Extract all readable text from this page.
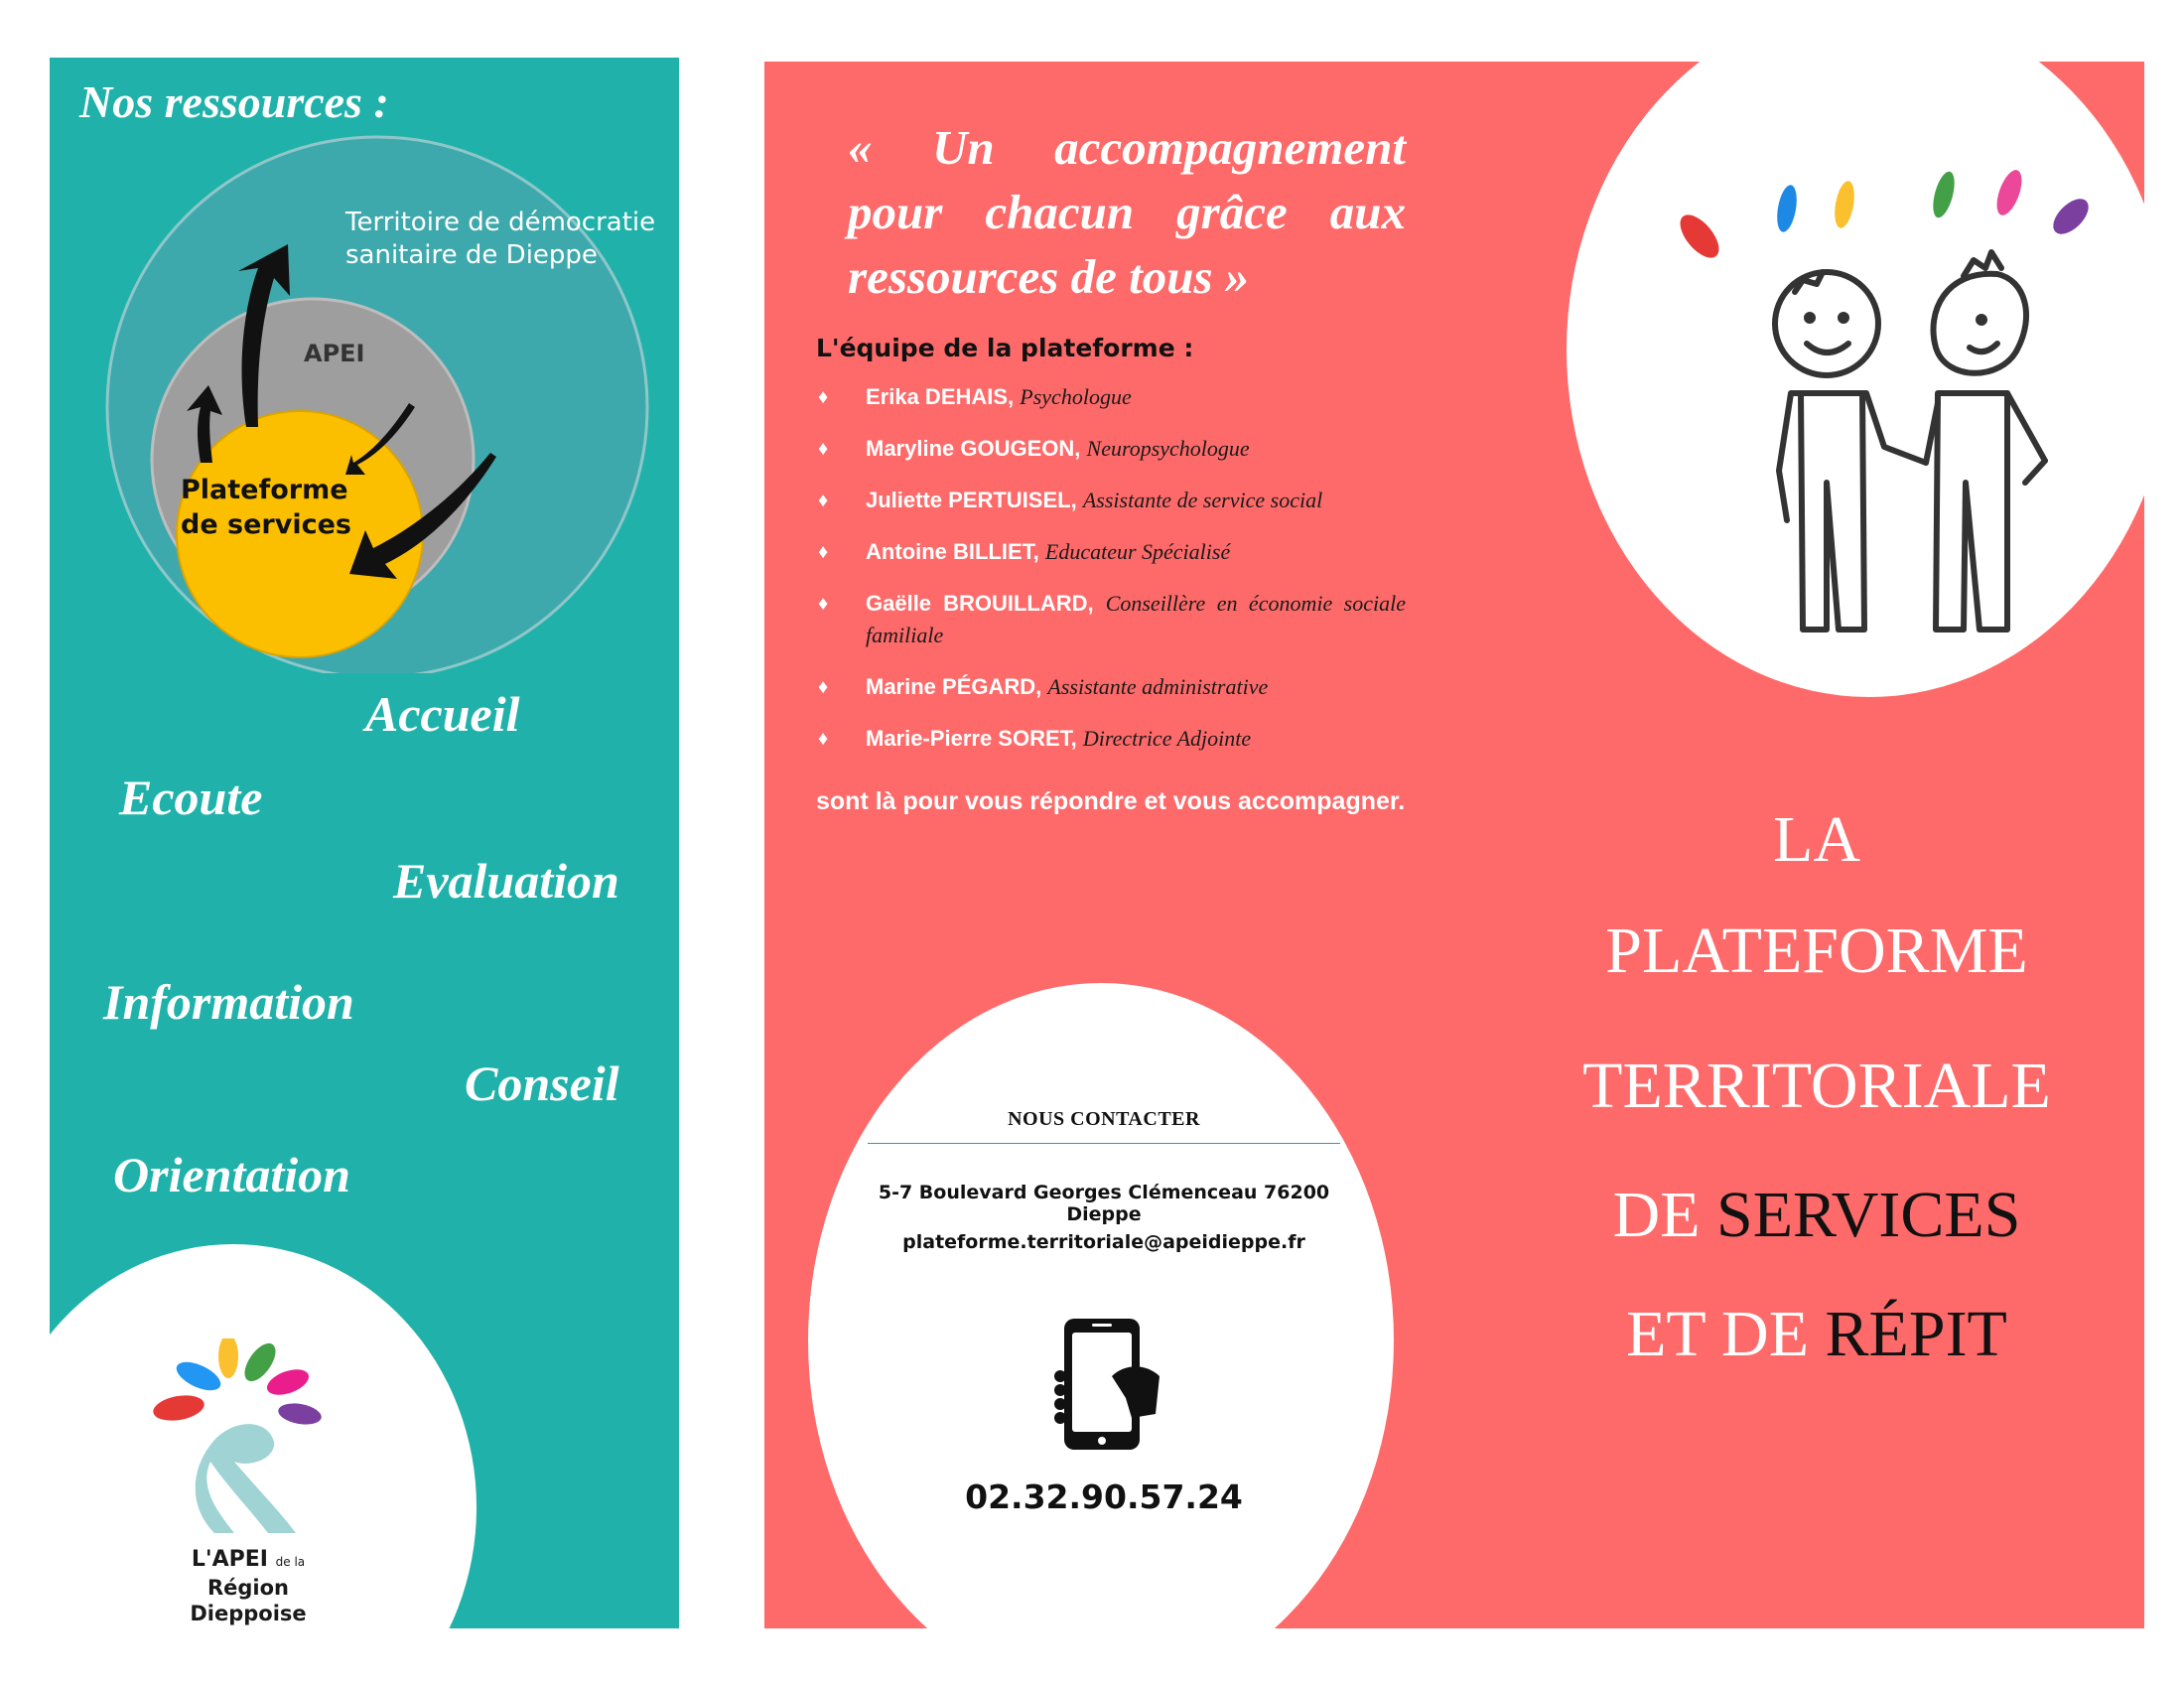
Nos ressources :
Territoire de démocratie sanitaire de Dieppe
APEI
Plateforme de services

Accueil

Ecoute

Evaluation

Information

Conseil

Orientation

L'APEI de la
Région Dieppoise

« Un accompagnement pour chacun grâce aux ressources de tous »

L'équipe de la plateforme :
♦ Erika DEHAIS, Psychologue
♦ Maryline GOUGEON, Neuropsychologue
♦ Juliette PERTUISEL, Assistante de service social
♦ Antoine BILLIET, Educateur Spécialisé
♦ Gaëlle BROUILLARD, Conseillère en économie sociale familiale
♦ Marine PÉGARD, Assistante administrative
♦ Marie-Pierre SORET, Directrice Adjointe

sont là pour vous répondre et vous accompagner.

NOUS CONTACTER
5-7 Boulevard Georges Clémenceau 76200 Dieppe
plateforme.territoriale@apeidieppe.fr
02.32.90.57.24
LA
PLATEFORME
TERRITORIALE
DE SERVICES
ET DE RÉPIT
